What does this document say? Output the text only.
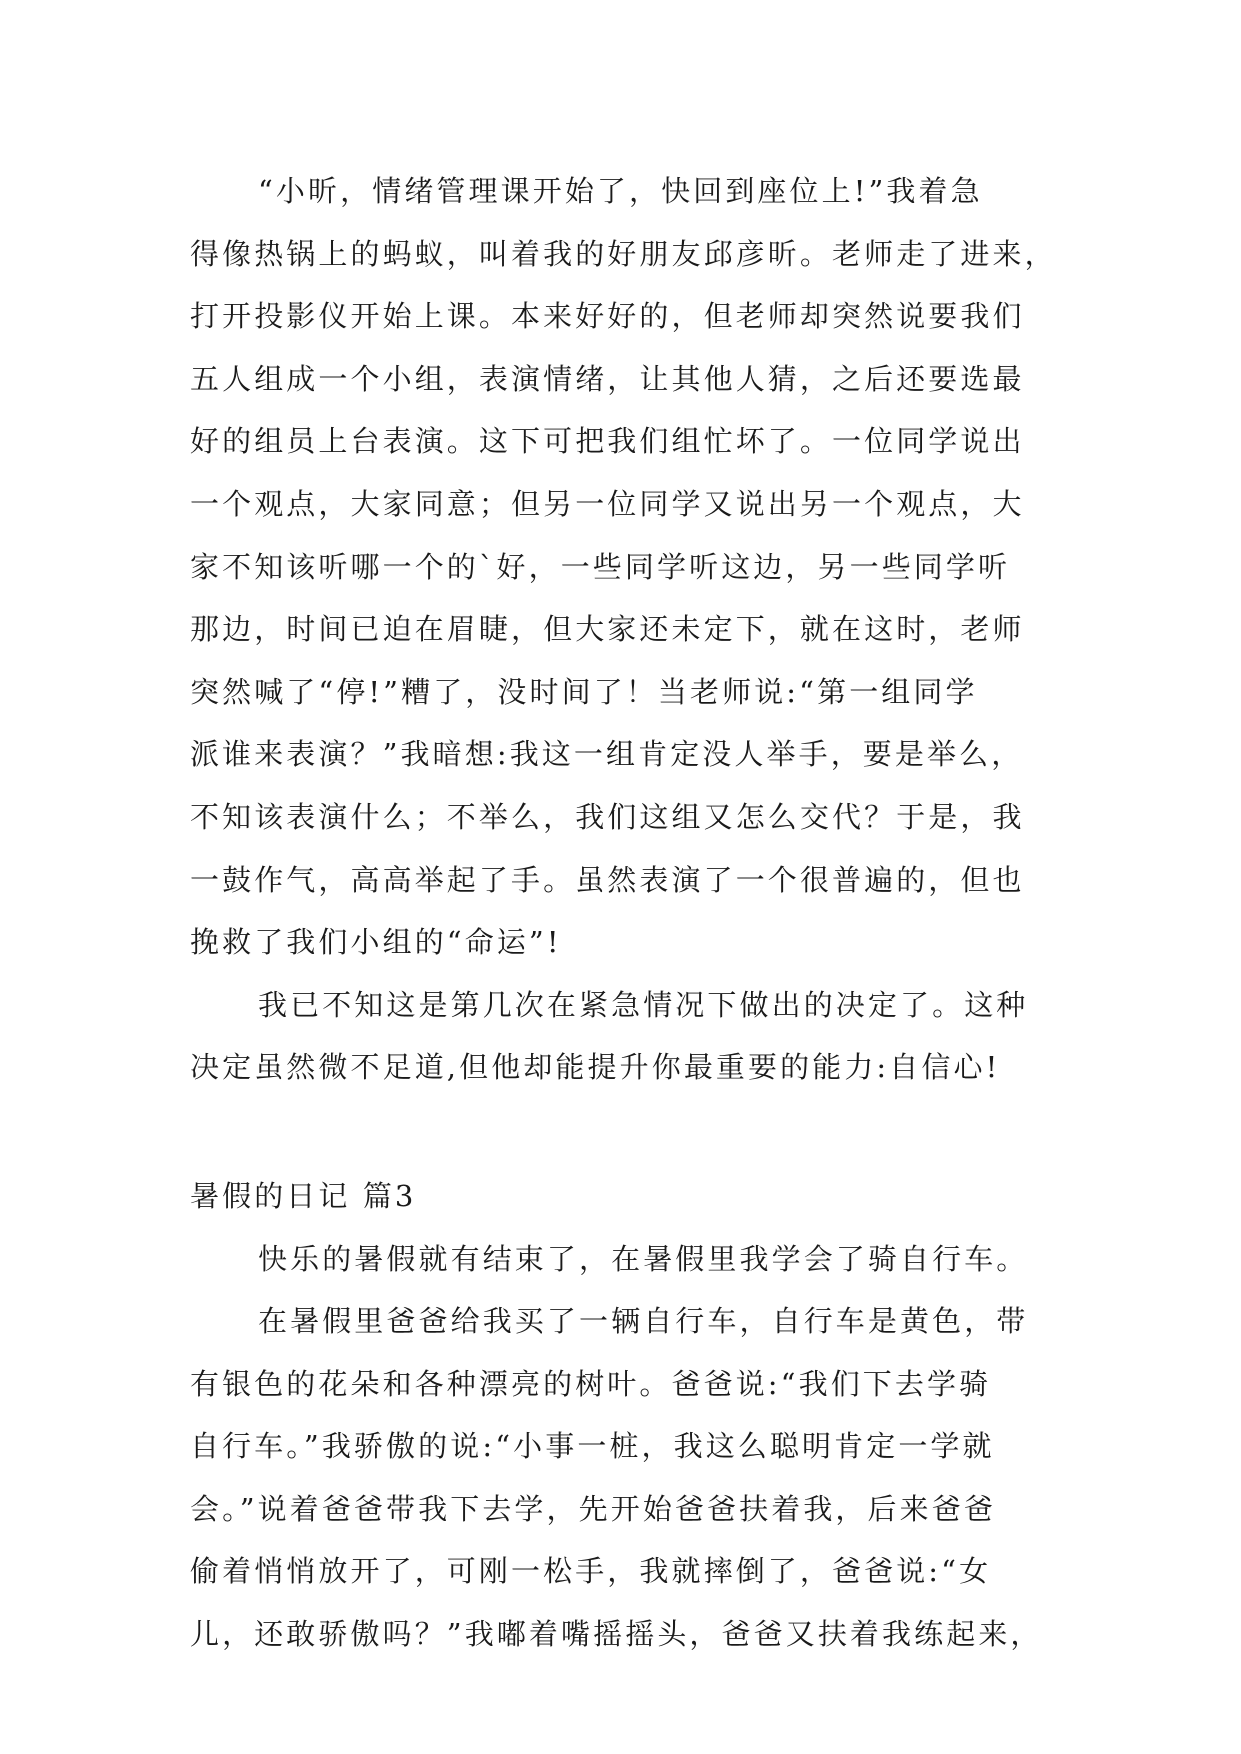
“小昕，情绪管理课开始了，快回到座位上!”我着急
得像热锅上的蚂蚁，叫着我的好朋友邱彦昕。老师走了进来，
打开投影仪开始上课。本来好好的，但老师却突然说要我们
五人组成一个小组，表演情绪，让其他人猜，之后还要选最
好的组员上台表演。这下可把我们组忙坏了。一位同学说出
一个观点，大家同意；但另一位同学又说出另一个观点，大
家不知该听哪一个的`好，一些同学听这边，另一些同学听
那边，时间已迫在眉睫，但大家还未定下，就在这时，老师
突然喊了“停!”糟了，没时间了！当老师说:“第一组同学
派谁来表演？”我暗想:我这一组肯定没人举手，要是举么，
不知该表演什么；不举么，我们这组又怎么交代？于是，我
一鼓作气，高高举起了手。虽然表演了一个很普遍的，但也
挽救了我们小组的“命运”!
我已不知这是第几次在紧急情况下做出的决定了。这种
决定虽然微不足道,但他却能提升你最重要的能力:自信心!
暑假的日记 篇3
快乐的暑假就有结束了，在暑假里我学会了骑自行车。
在暑假里爸爸给我买了一辆自行车，自行车是黄色，带
有银色的花朵和各种漂亮的树叶。爸爸说:“我们下去学骑
自行车。”我骄傲的说:“小事一桩，我这么聪明肯定一学就
会。”说着爸爸带我下去学，先开始爸爸扶着我，后来爸爸
偷着悄悄放开了，可刚一松手，我就摔倒了，爸爸说:“女
儿，还敢骄傲吗？”我嘟着嘴摇摇头，爸爸又扶着我练起来，
